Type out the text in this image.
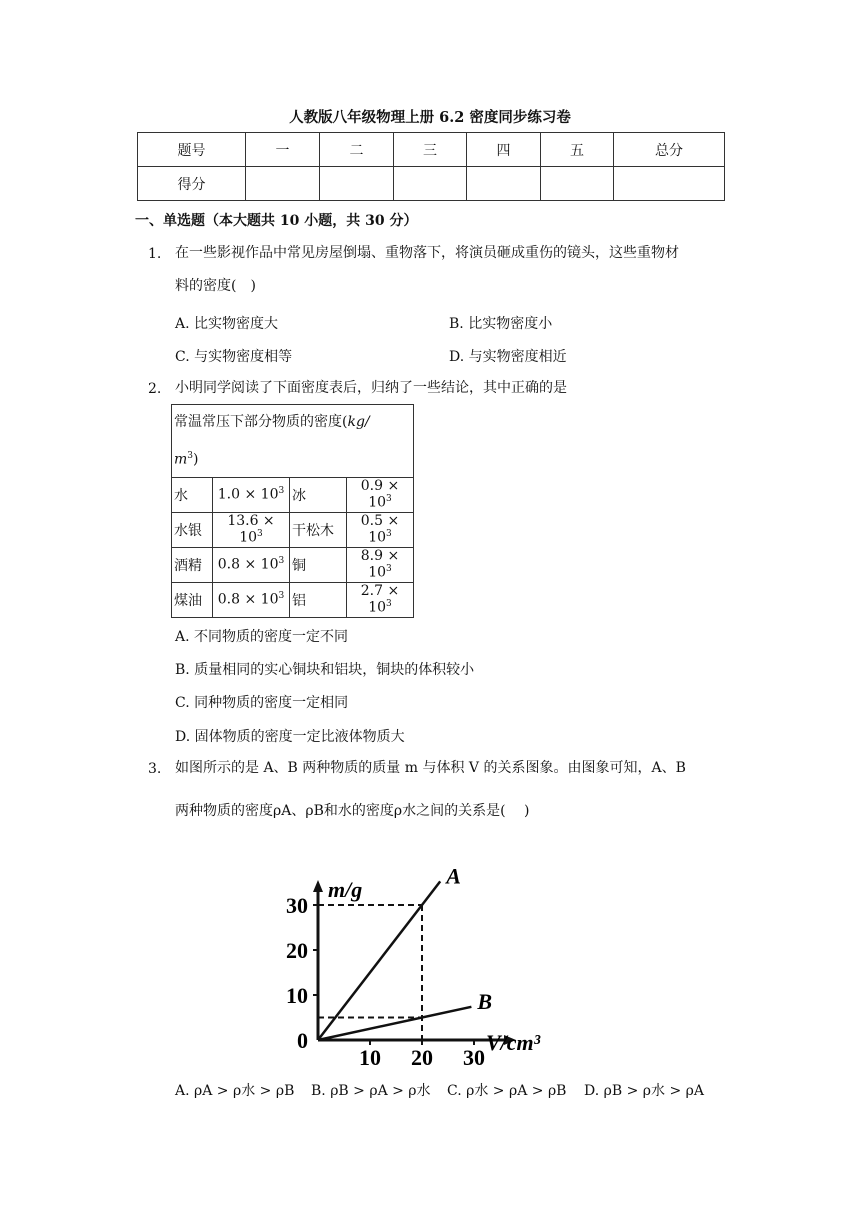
人教版八年级物理上册 6.2 密度同步练习卷
题号	一	二	三	四	五	总分
得分						
一、单选题（本大题共 10 小题，共 30 分）
1. 在一些影视作品中常见房屋倒塌、重物落下，将演员砸成重伤的镜头，这些重物材
料的密度(　)
A. 比实物密度大	B. 比实物密度小
C. 与实物密度相等	D. 与实物密度相近
2. 小明同学阅读了下面密度表后，归纳了一些结论，其中正确的是
常温常压下部分物质的密度(kg/
$m^3$)			
水	$1.0 \times 10^3$	冰	$0.9 \times 10^3$
水银	$13.6 \times 10^3$	干松木	$0.5 \times 10^3$
酒精	$0.8 \times 10^3$	铜	$8.9 \times 10^3$
煤油	$0.8 \times 10^3$	铝	$2.7 \times 10^3$
A. 不同物质的密度一定不同
B. 质量相同的实心铜块和铝块，铜块的体积较小
C. 同种物质的密度一定相同
D. 固体物质的密度一定比液体物质大
3. 如图所示的是 A、B 两种物质的质量 m 与体积 V 的关系图象。由图象可知，A、B
两种物质的密度ρA、ρB和水的密度ρ水之间的关系是(　 )
0
10
20
30
10 20 30
m/g
V/cm³
A
B
A. ρA > ρ水 > ρB B. ρB > ρA > ρ水 C. ρ水 > ρA > ρB D. ρB > ρ水 > ρA
